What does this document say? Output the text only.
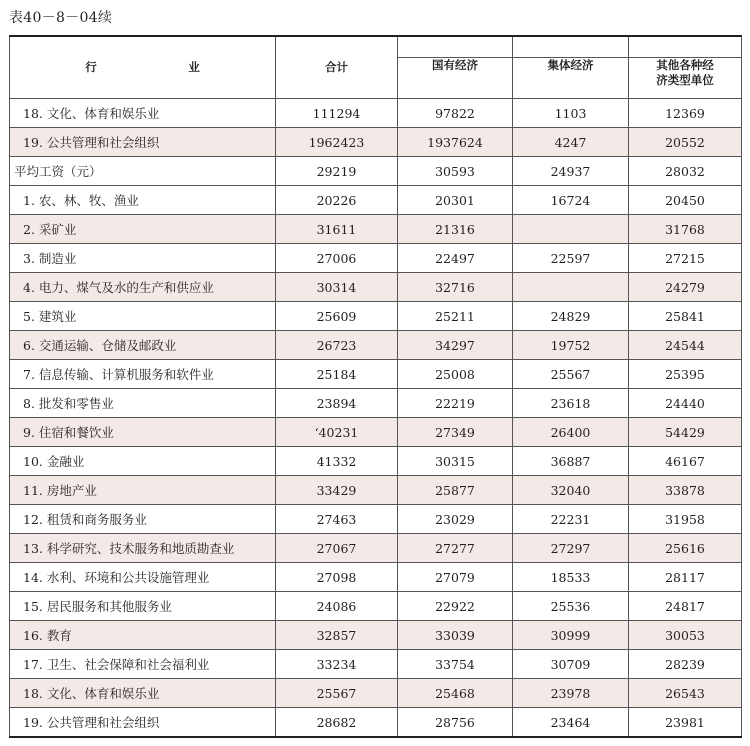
表40－8－04续
行　业	合计			
		国有经济	集体经济	其他各种经济类型单位
18. 文化、体育和娱乐业	111294	97822	1103	12369
19. 公共管理和社会组织	1962423	1937624	4247	20552
平均工资（元）	29219	30593	24937	28032
1. 农、林、牧、渔业	20226	20301	16724	20450
2. 采矿业	31611	21316		31768
3. 制造业	27006	22497	22597	27215
4. 电力、煤气及水的生产和供应业	30314	32716		24279
5. 建筑业	25609	25211	24829	25841
6. 交通运输、仓储及邮政业	26723	34297	19752	24544
7. 信息传输、计算机服务和软件业	25184	25008	25567	25395
8. 批发和零售业	23894	22219	23618	24440
9. 住宿和餐饮业	‘40231	27349	26400	54429
10. 金融业	41332	30315	36887	46167
11. 房地产业	33429	25877	32040	33878
12. 租赁和商务服务业	27463	23029	22231	31958
13. 科学研究、技术服务和地质勘查业	27067	27277	27297	25616
14. 水利、环境和公共设施管理业	27098	27079	18533	28117
15. 居民服务和其他服务业	24086	22922	25536	24817
16. 教育	32857	33039	30999	30053
17. 卫生、社会保障和社会福利业	33234	33754	30709	28239
18. 文化、体育和娱乐业	25567	25468	23978	26543
19. 公共管理和社会组织	28682	28756	23464	23981
